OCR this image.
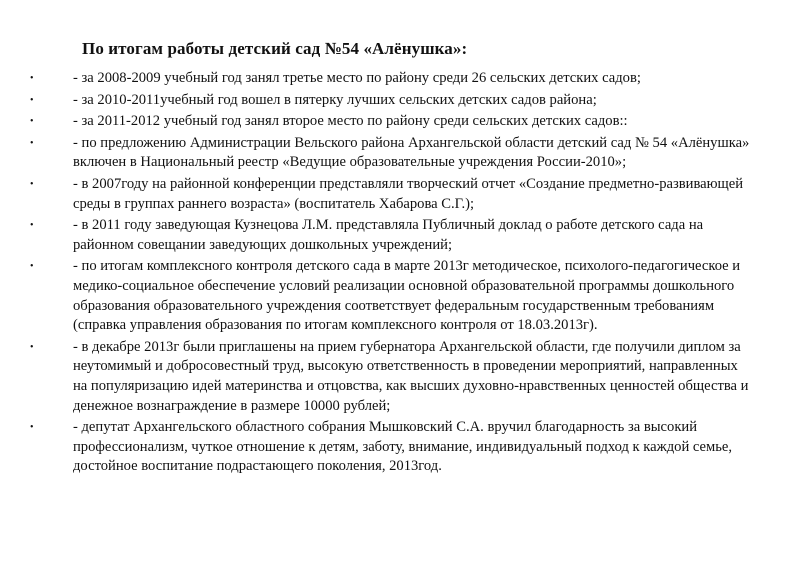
По итогам работы детский сад №54 «Алёнушка»:
•	- за 2008-2009 учебный год занял третье место по району среди 26 сельских детских садов;
•	- за 2010-2011учебный год вошел в пятерку лучших сельских детских садов района;
•	- за 2011-2012 учебный год занял второе место по району среди сельских детских садов::
•	- по предложению Администрации Вельского района Архангельской области детский сад № 54 «Алёнушка» включен в Национальный реестр «Ведущие образовательные учреждения России-2010»;
•	- в 2007году на районной конференции представляли творческий отчет «Создание предметно-развивающей среды в группах раннего возраста» (воспитатель Хабарова С.Г.);
•	- в 2011 году заведующая Кузнецова Л.М. представляла Публичный доклад о работе детского сада на районном совещании заведующих дошкольных учреждений;
•	- по итогам комплексного контроля детского сада в марте 2013г методическое, психолого-педагогическое и медико-социальное обеспечение условий реализации основной образовательной программы дошкольного образования образовательного учреждения соответствует федеральным государственным требованиям (справка управления образования по итогам комплексного контроля от 18.03.2013г).
•	- в декабре 2013г были приглашены на прием губернатора Архангельской области, где получили диплом за неутомимый и добросовестный труд, высокую ответственность в проведении мероприятий, направленных на популяризацию идей материнства и отцовства, как высших духовно-нравственных ценностей общества и денежное вознаграждение в размере 10000 рублей;
•	- депутат Архангельского областного собрания Мышковский С.А. вручил благодарность за высокий профессионализм, чуткое отношение к детям, заботу, внимание, индивидуальный подход к каждой семье, достойное воспитание подрастающего поколения, 2013год.
